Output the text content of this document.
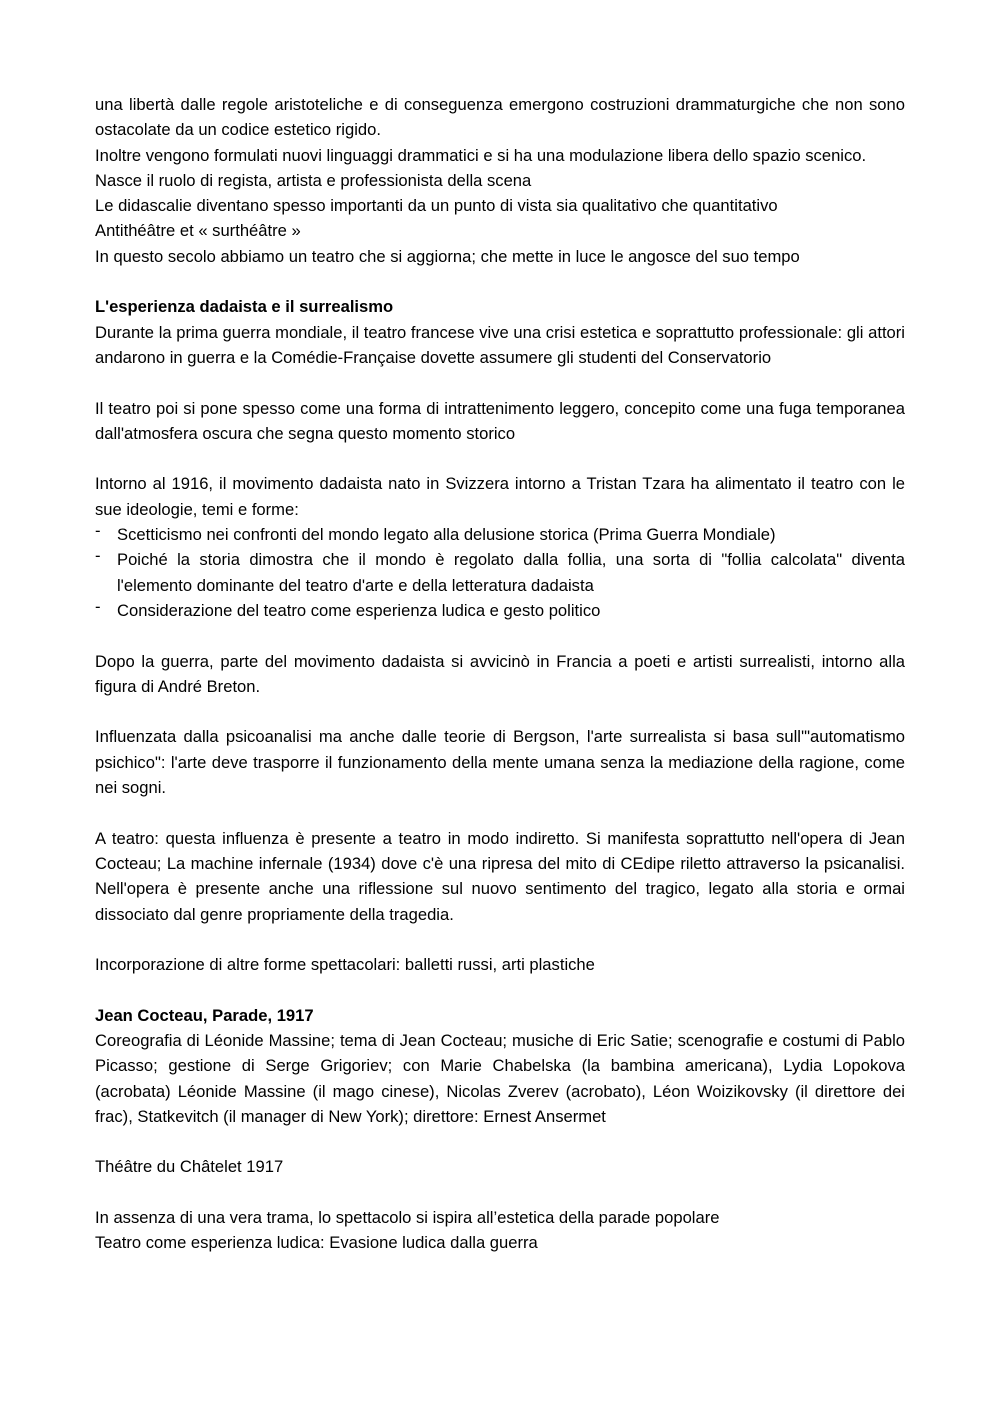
una libertà dalle regole aristoteliche e di conseguenza emergono costruzioni drammaturgiche che non sono ostacolate da un codice estetico rigido.

Inoltre vengono formulati nuovi linguaggi drammatici e si ha una modulazione libera dello spazio scenico.

Nasce il ruolo di regista, artista e professionista della scena

Le didascalie diventano spesso importanti da un punto di vista sia qualitativo che quantitativo

Antithéâtre et « surthéâtre »

In questo secolo abbiamo un teatro che si aggiorna; che mette in luce le angosce del suo tempo

L'esperienza dadaista e il surrealismo

Durante la prima guerra mondiale, il teatro francese vive una crisi estetica e soprattutto professionale: gli attori andarono in guerra e la Comédie-Française dovette assumere gli studenti del Conservatorio

Il teatro poi si pone spesso come una forma di intrattenimento leggero, concepito come una fuga temporanea dall'atmosfera oscura che segna questo momento storico

Intorno al 1916, il movimento dadaista nato in Svizzera intorno a Tristan Tzara ha alimentato il teatro con le sue ideologie, temi e forme:

- Scetticismo nei confronti del mondo legato alla delusione storica (Prima Guerra Mondiale)
- Poiché la storia dimostra che il mondo è regolato dalla follia, una sorta di "follia calcolata" diventa l'elemento dominante del teatro d'arte e della letteratura dadaista
- Considerazione del teatro come esperienza ludica e gesto politico

Dopo la guerra, parte del movimento dadaista si avvicinò in Francia a poeti e artisti surrealisti, intorno alla figura di André Breton.

Influenzata dalla psicoanalisi ma anche dalle teorie di Bergson, l'arte surrealista si basa sull'"automatismo psichico": l'arte deve trasporre il funzionamento della mente umana senza la mediazione della ragione, come nei sogni.

A teatro: questa influenza è presente a teatro in modo indiretto. Si manifesta soprattutto nell'opera di Jean Cocteau; La machine infernale (1934) dove c'è una ripresa del mito di CEdipe riletto attraverso la psicanalisi. Nell'opera è presente anche una riflessione sul nuovo sentimento del tragico, legato alla storia e ormai dissociato dal genre propriamente della tragedia.

Incorporazione di altre forme spettacolari: balletti russi, arti plastiche

Jean Cocteau, Parade, 1917

Coreografia di Léonide Massine; tema di Jean Cocteau; musiche di Eric Satie; scenografie e costumi di Pablo Picasso; gestione di Serge Grigoriev; con Marie Chabelska (la bambina americana), Lydia Lopokova (acrobata) Léonide Massine (il mago cinese), Nicolas Zverev (acrobato), Léon Woizikovsky (il direttore dei frac), Statkevitch (il manager di New York); direttore: Ernest Ansermet

Théâtre du Châtelet 1917

In assenza di una vera trama, lo spettacolo si ispira all’estetica della parade popolare

Teatro come esperienza ludica: Evasione ludica dalla guerra
